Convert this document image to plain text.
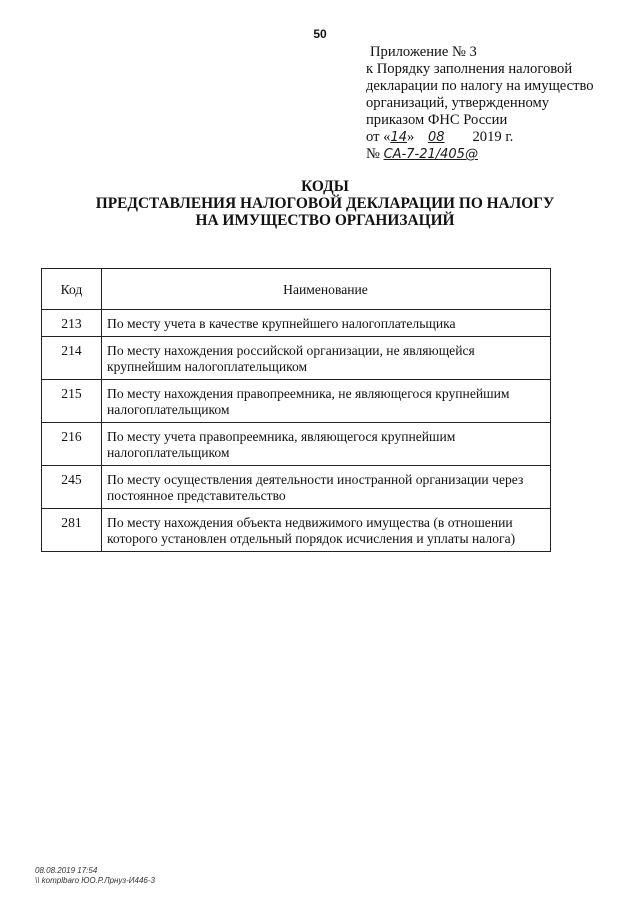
50
Приложение № 3
к Порядку заполнения налоговой
декларации по налогу на имущество
организаций, утвержденному
приказом ФНС России
от «14» 08 2019 г.
№ СА-7-21/405@
КОДЫ
ПРЕДСТАВЛЕНИЯ НАЛОГОВОЙ ДЕКЛАРАЦИИ ПО НАЛОГУ
НА ИМУЩЕСТВО ОРГАНИЗАЦИЙ
Код	Наименование
213	По месту учета в качестве крупнейшего налогоплательщика
214	По месту нахождения российской организации, не являющейся крупнейшим налогоплательщиком
215	По месту нахождения правопреемника, не являющегося крупнейшим налогоплательщиком
216	По месту учета правопреемника, являющегося крупнейшим налогоплательщиком
245	По месту осуществления деятельности иностранной организации через постоянное представительство
281	По месту нахождения объекта недвижимого имущества (в отношении которого установлен отдельный порядок исчисления и уплаты налога)
08.08.2019 17:54
\\ komplbaro ЮО.Р.Лрнуз-И446-3
